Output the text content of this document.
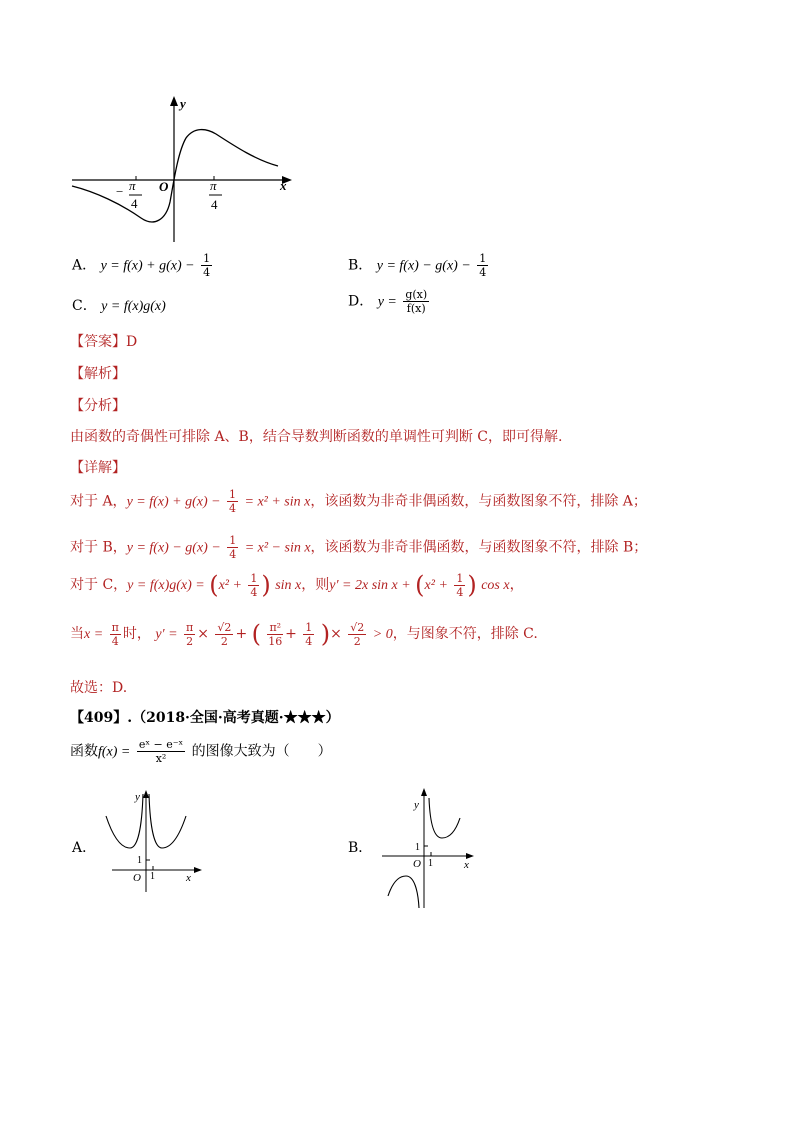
y
x
O
− π
4
π
4
A． $y = f(x) + g(x) - \frac{1}{4}$	B． $y = f(x) - g(x) - \frac{1}{4}$
C． y = f(x)g(x)	D． $y = \frac{g(x)}{f(x)}$
【答案】D
【解析】
【分析】
由函数的奇偶性可排除 A、B，结合导数判断函数的单调性可判断 C，即可得解.
【详解】
对于 A，$y = f(x) + g(x) - \frac{1}{4} = x^2 + \sin x$，该函数为非奇非偶函数，与函数图象不符，排除 A；
对于 B，$y = f(x) - g(x) - \frac{1}{4} = x^2 - \sin x$，该函数为非奇非偶函数，与函数图象不符，排除 B；
对于 C，$y = f(x)g(x) = (x^2 + \frac{1}{4}$ ) sin x，则y′ = 2x $\sin x + (x^2 + \frac{1}{4}$ ) cos x，
当$x = \frac{\pi}{4}$ 时， $y' = \frac{\pi}{2} \times \frac{√2}{2}$ + ( $\frac{\text{π²}}{16} + \frac{1}{4}$ )× $\frac{√2}{2} > 0$，与图象不符，排除 C.
故选：D.
【409】.（2018·全国·高考真题·★★★）
函数$f(x) = \frac{\text{eˣ − e⁻ˣ}}{\text{x²}}$ 的图像大致为（　　）
A．
y
x
O 1
1
B．
y
x
O 1
1
